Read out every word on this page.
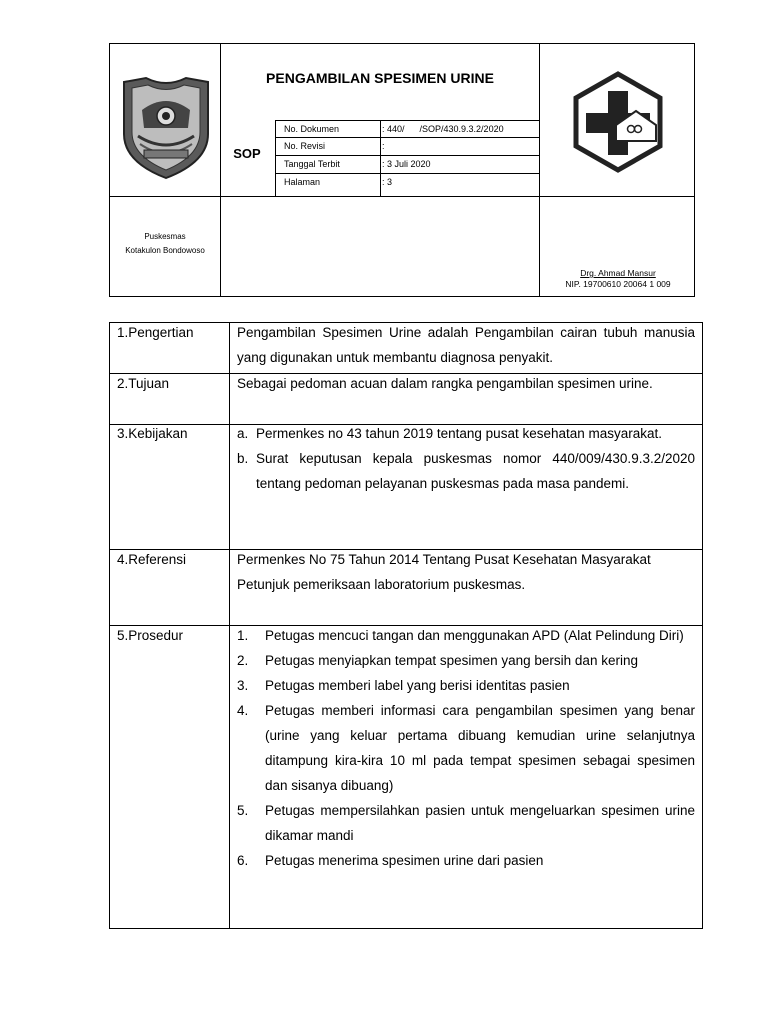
PENGAMBILAN SPESIMEN URINE
SOP
No. Dokumen	: 440/      /SOP/430.9.3.2/2020
No. Revisi	:
Tanggal Terbit	: 3 Juli 2020
Halaman	: 3
Puskesmas
Kotakulon Bondowoso
Drg. Ahmad Mansur
NIP. 19700610 20064 1 009
1.Pengertian	Pengambilan Spesimen Urine adalah Pengambilan cairan tubuh manusia yang digunakan untuk membantu diagnosa penyakit.
2.Tujuan	Sebagai pedoman acuan dalam rangka pengambilan spesimen urine.
3.Kebijakan	a. Permenkes no 43 tahun 2019 tentang pusat kesehatan masyarakat.
b. Surat keputusan kepala puskesmas nomor 440/009/430.9.3.2/2020 tentang pedoman pelayanan puskesmas pada masa pandemi.
4.Referensi	Permenkes No 75 Tahun 2014 Tentang Pusat Kesehatan Masyarakat
Petunjuk pemeriksaan laboratorium puskesmas.
5.Prosedur	1. Petugas mencuci tangan dan menggunakan APD (Alat Pelindung Diri)
2. Petugas menyiapkan tempat spesimen yang bersih dan kering
3. Petugas memberi label yang berisi identitas pasien
4. Petugas memberi informasi cara pengambilan spesimen yang benar (urine yang keluar pertama dibuang kemudian urine selanjutnya ditampung kira-kira 10 ml pada tempat spesimen sebagai spesimen dan sisanya dibuang)
5. Petugas mempersilahkan pasien untuk mengeluarkan spesimen urine dikamar mandi
6. Petugas menerima spesimen urine dari pasien
